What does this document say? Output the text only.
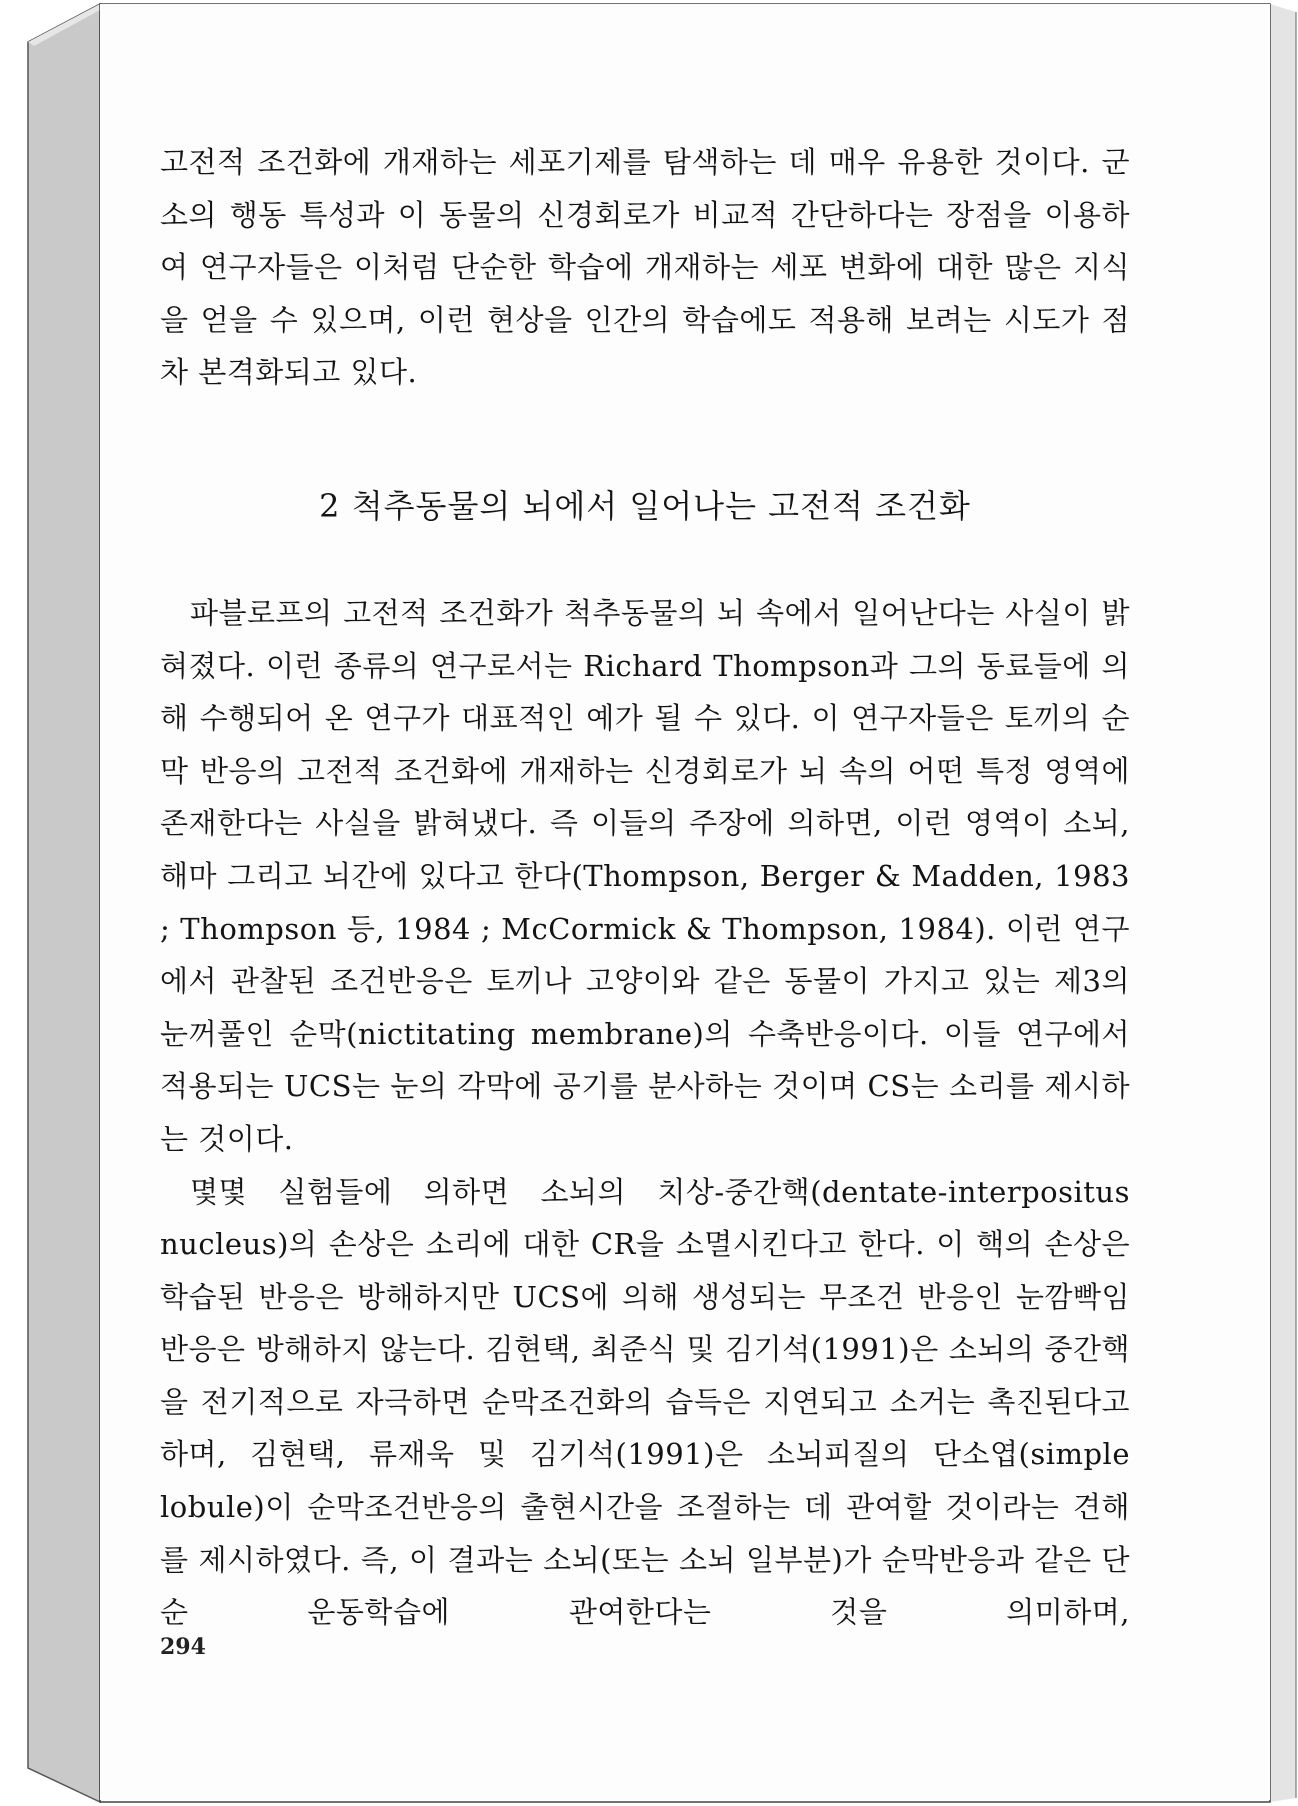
고전적 조건화에 개재하는 세포기제를 탐색하는 데 매우 유용한 것이다. 군소의 행동 특성과 이 동물의 신경회로가 비교적 간단하다는 장점을 이용하여 연구자들은 이처럼 단순한 학습에 개재하는 세포 변화에 대한 많은 지식을 얻을 수 있으며, 이런 현상을 인간의 학습에도 적용해 보려는 시도가 점차 본격화되고 있다.

2 척추동물의 뇌에서 일어나는 고전적 조건화

파블로프의 고전적 조건화가 척추동물의 뇌 속에서 일어난다는 사실이 밝혀졌다. 이런 종류의 연구로서는 Richard Thompson과 그의 동료들에 의해 수행되어 온 연구가 대표적인 예가 될 수 있다. 이 연구자들은 토끼의 순막 반응의 고전적 조건화에 개재하는 신경회로가 뇌 속의 어떤 특정 영역에 존재한다는 사실을 밝혀냈다. 즉 이들의 주장에 의하면, 이런 영역이 소뇌, 해마 그리고 뇌간에 있다고 한다(Thompson, Berger & Madden, 1983 ; Thompson 등, 1984 ; McCormick & Thompson, 1984). 이런 연구에서 관찰된 조건반응은 토끼나 고양이와 같은 동물이 가지고 있는 제3의 눈꺼풀인 순막(nictitating membrane)의 수축반응이다. 이들 연구에서 적용되는 UCS는 눈의 각막에 공기를 분사하는 것이며 CS는 소리를 제시하는 것이다.

몇몇 실험들에 의하면 소뇌의 치상-중간핵(dentate-interpositus nucleus)의 손상은 소리에 대한 CR을 소멸시킨다고 한다. 이 핵의 손상은 학습된 반응은 방해하지만 UCS에 의해 생성되는 무조건 반응인 눈깜빡임 반응은 방해하지 않는다. 김현택, 최준식 및 김기석(1991)은 소뇌의 중간핵을 전기적으로 자극하면 순막조건화의 습득은 지연되고 소거는 촉진된다고 하며, 김현택, 류재욱 및 김기석(1991)은 소뇌피질의 단소엽(simple lobule)이 순막조건반응의 출현시간을 조절하는 데 관여할 것이라는 견해를 제시하였다. 즉, 이 결과는 소뇌(또는 소뇌 일부분)가 순막반응과 같은 단순 운동학습에 관여한다는 것을 의미하며,

294
